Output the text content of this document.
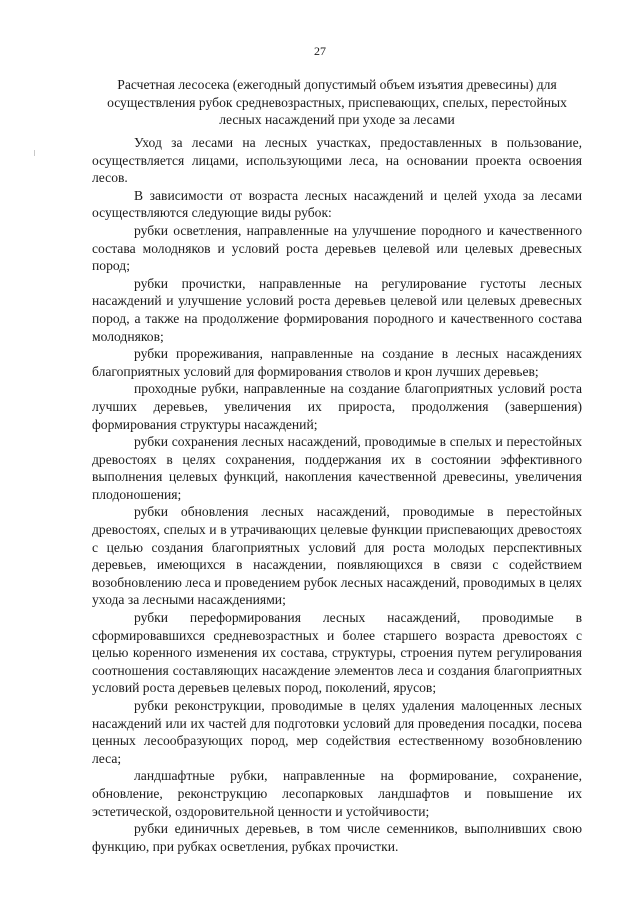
27
Расчетная лесосека (ежегодный допустимый объем изъятия древесины) для осуществления рубок средневозрастных, приспевающих, спелых, перестойных лесных насаждений при уходе за лесами

Уход за лесами на лесных участках, предоставленных в пользование, осуществляется лицами, использующими леса, на основании проекта освоения лесов.

В зависимости от возраста лесных насаждений и целей ухода за лесами осуществляются следующие виды рубок:

рубки осветления, направленные на улучшение породного и качественного состава молодняков и условий роста деревьев целевой или целевых древесных пород;

рубки прочистки, направленные на регулирование густоты лесных насаждений и улучшение условий роста деревьев целевой или целевых древесных пород, а также на продолжение формирования породного и качественного состава молодняков;

рубки прореживания, направленные на создание в лесных насаждениях благоприятных условий для формирования стволов и крон лучших деревьев;

проходные рубки, направленные на создание благоприятных условий роста лучших деревьев, увеличения их прироста, продолжения (завершения) формирования структуры насаждений;

рубки сохранения лесных насаждений, проводимые в спелых и перестойных древостоях в целях сохранения, поддержания их в состоянии эффективного выполнения целевых функций, накопления качественной древесины, увеличения плодоношения;

рубки обновления лесных насаждений, проводимые в перестойных древостоях, спелых и в утрачивающих целевые функции приспевающих древостоях с целью создания благоприятных условий для роста молодых перспективных деревьев, имеющихся в насаждении, появляющихся в связи с содействием возобновлению леса и проведением рубок лесных насаждений, проводимых в целях ухода за лесными насаждениями;

рубки переформирования лесных насаждений, проводимые в сформировавшихся средневозрастных и более старшего возраста древостоях с целью коренного изменения их состава, структуры, строения путем регулирования соотношения составляющих насаждение элементов леса и создания благоприятных условий роста деревьев целевых пород, поколений, ярусов;

рубки реконструкции, проводимые в целях удаления малоценных лесных насаждений или их частей для подготовки условий для проведения посадки, посева ценных лесообразующих пород, мер содействия естественному возобновлению леса;

ландшафтные рубки, направленные на формирование, сохранение, обновление, реконструкцию лесопарковых ландшафтов и повышение их эстетической, оздоровительной ценности и устойчивости;

рубки единичных деревьев, в том числе семенников, выполнивших свою функцию, при рубках осветления, рубках прочистки.
